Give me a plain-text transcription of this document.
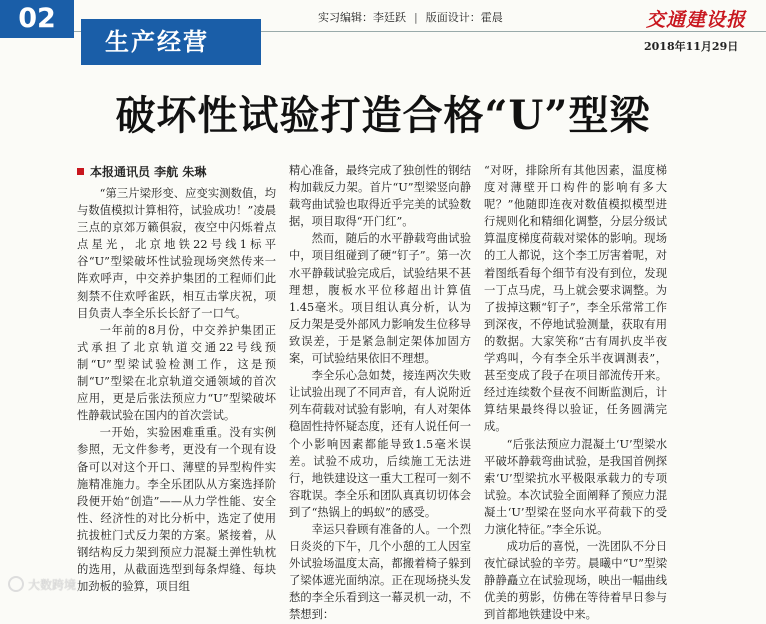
02
生产经营
实习编辑：李廷跃 | 版面设计：霍晨	交通建设报
2018年11月29日
破坏性试验打造合格“U”型梁
本报通讯员 李航 朱琳

“第三片梁形变、应变实测数值，均与数值模拟计算相符，试验成功！”凌晨三点的京郊万籁俱寂，夜空中闪烁着点点星光，北京地铁22号线1标平谷“U”型梁破坏性试验现场突然传来一阵欢呼声，中交养护集团的工程师们此刻禁不住欢呼雀跃，相互击掌庆祝，项目负责人李全乐长长舒了一口气。

一年前的8月份，中交养护集团正式承担了北京轨道交通22号线预制“U”型梁试验检测工作，这是预制“U”型梁在北京轨道交通领域的首次应用，更是后张法预应力“U”型梁破坏性静载试验在国内的首次尝试。

一开始，实验困难重重。没有实例参照，无文件参考，更没有一个现有设备可以对这个开口、薄壁的异型构件实施精准施力。李全乐团队从方案选择阶段便开始“创造”——从力学性能、安全性、经济性的对比分析中，选定了使用抗拔桩门式反力架的方案。紧接着，从钢结构反力架到预应力混凝土弹性轨枕的选用，从截面选型到每条焊缝、每块加劲板的验算，项目组

精心准备，最终完成了独创性的钢结构加载反力架。首片“U”型梁竖向静载弯曲试验也取得近乎完美的试验数据，项目取得“开门红”。

然而，随后的水平静载弯曲试验中，项目组碰到了硬“钉子”。第一次水平静载试验完成后，试验结果不甚理想，腹板水平位移超出计算值1.45毫米。项目组认真分析，认为反力架是受外部风力影响发生位移导致误差，于是紧急制定架体加固方案，可试验结果依旧不理想。

李全乐心急如焚，接连两次失败让试验出现了不同声音，有人说附近列车荷载对试验有影响，有人对架体稳固性持怀疑态度，还有人说任何一个小影响因素都能导致1.5毫米误差。试验不成功，后续施工无法进行，地铁建设这一重大工程可一刻不容耽误。李全乐和团队真真切切体会到了“热锅上的蚂蚁”的感受。

幸运只眷顾有准备的人。一个烈日炎炎的下午，几个小憩的工人因室外试验场温度太高，都搬着椅子躲到了梁体遮光面纳凉。正在现场挠头发愁的李全乐看到这一幕灵机一动，不禁想到：

“对呀，排除所有其他因素，温度梯度对薄壁开口构件的影响有多大呢？”他随即连夜对数值模拟模型进行规则化和精细化调整，分层分级试算温度梯度荷载对梁体的影响。现场的工人都说，这个李工厉害着呢，对着图纸看每个细节有没有到位，发现一丁点马虎，马上就会要求调整。为了拔掉这颗“钉子”，李全乐常常工作到深夜，不停地试验测量，获取有用的数据。大家笑称“古有周扒皮半夜学鸡叫，今有李全乐半夜调测表”，甚至变成了段子在项目部流传开来。经过连续数个昼夜不间断监测后，计算结果最终得以验证，任务圆满完成。

“后张法预应力混凝土‘U’型梁水平破坏静载弯曲试验，是我国首例探索‘U’型梁抗水平极限承载力的专项试验。本次试验全面阐释了预应力混凝土‘U’型梁在竖向水平荷载下的受力演化特征。”李全乐说。

成功后的喜悦，一洗团队不分日夜忙碌试验的辛劳。晨曦中“U”型梁静静矗立在试验现场，映出一幅曲线优美的剪影，仿佛在等待着早日参与到首都地铁建设中来。

大数跨境
